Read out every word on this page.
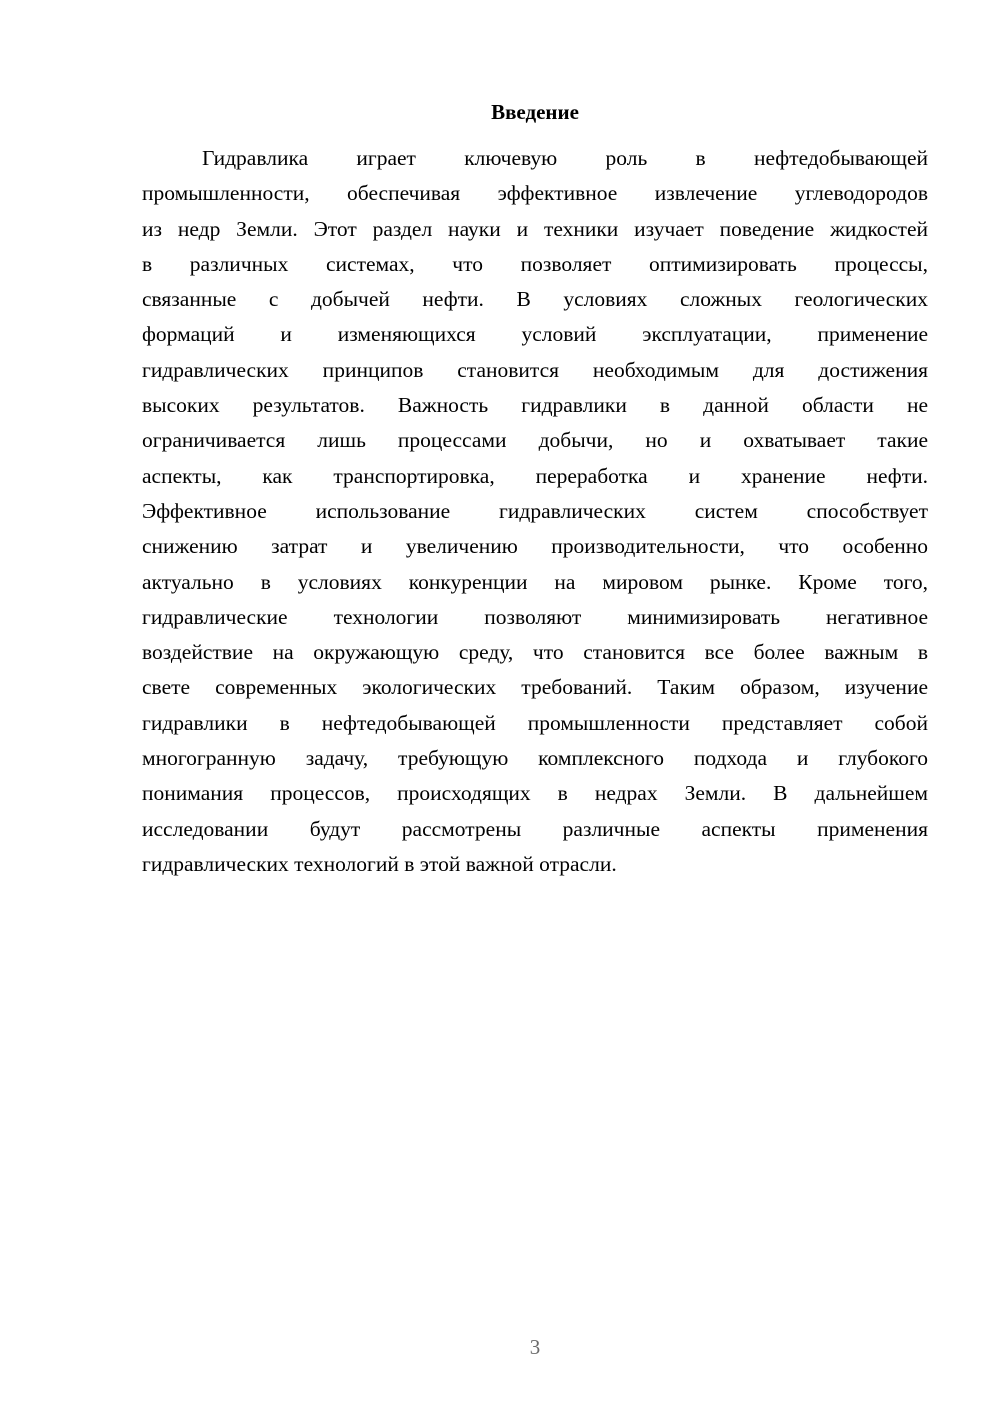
Введение
Гидравлика играет ключевую роль в нефтедобывающей
промышленности, обеспечивая эффективное извлечение углеводородов
из недр Земли. Этот раздел науки и техники изучает поведение жидкостей
в различных системах, что позволяет оптимизировать процессы,
связанные с добычей нефти. В условиях сложных геологических
формаций и изменяющихся условий эксплуатации, применение
гидравлических принципов становится необходимым для достижения
высоких результатов. Важность гидравлики в данной области не
ограничивается лишь процессами добычи, но и охватывает такие
аспекты, как транспортировка, переработка и хранение нефти.
Эффективное использование гидравлических систем способствует
снижению затрат и увеличению производительности, что особенно
актуально в условиях конкуренции на мировом рынке. Кроме того,
гидравлические технологии позволяют минимизировать негативное
воздействие на окружающую среду, что становится все более важным в
свете современных экологических требований. Таким образом, изучение
гидравлики в нефтедобывающей промышленности представляет собой
многогранную задачу, требующую комплексного подхода и глубокого
понимания процессов, происходящих в недрах Земли. В дальнейшем
исследовании будут рассмотрены различные аспекты применения
гидравлических технологий в этой важной отрасли.
3
